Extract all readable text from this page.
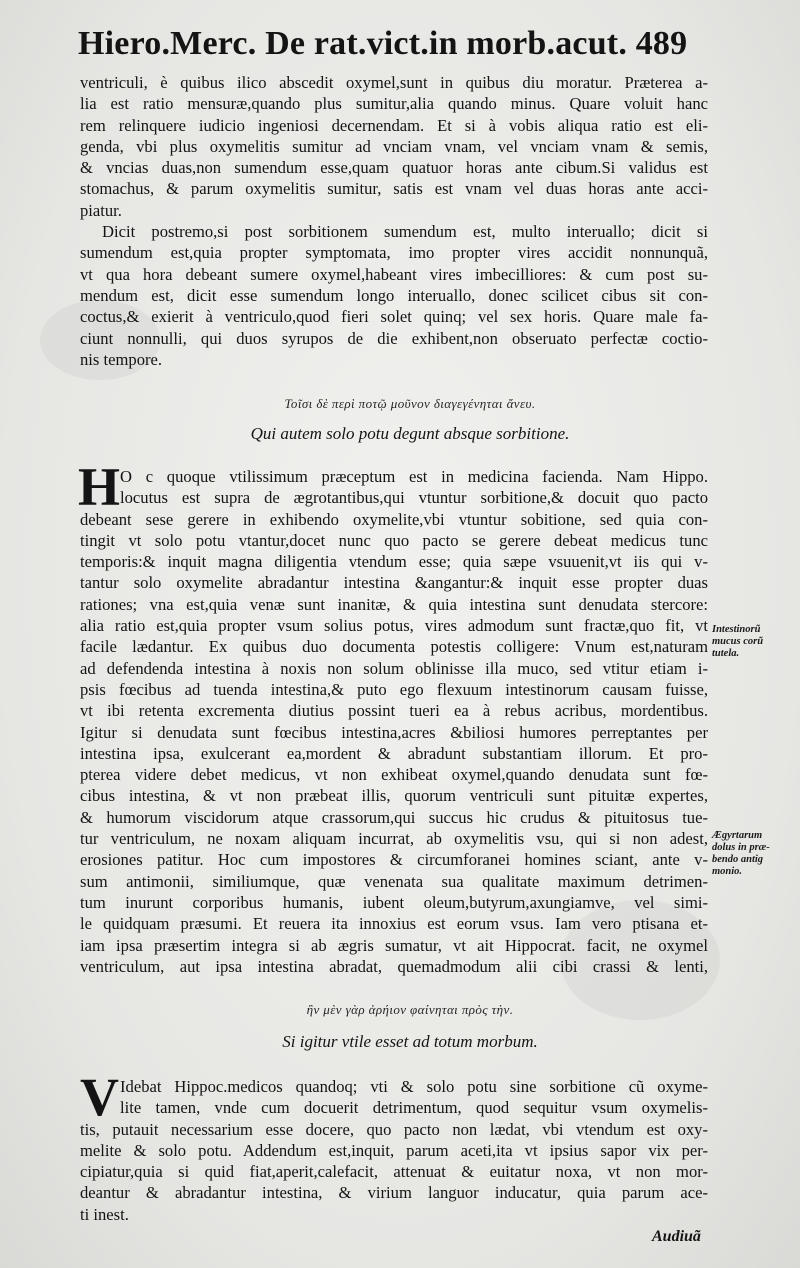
Hiero.Merc. De rat.vict.in morb.acut. 489
ventriculi, è quibus ilico abscedit oxymel,sunt in quibus diu moratur. Præterea a-
lia est ratio mensuræ,quando plus sumitur,alia quando minus. Quare voluit hanc
rem relinquere iudicio ingeniosi decernendam. Et si à vobis aliqua ratio est eli-
genda, vbi plus oxymelitis sumitur ad vnciam vnam, vel vnciam vnam & semis,
& vncias duas,non sumendum esse,quam quatuor horas ante cibum.Si validus est
stomachus, & parum oxymelitis sumitur, satis est vnam vel duas horas ante acci-
piatur.
Dicit postremo,si post sorbitionem sumendum est, multo interuallo; dicit si
sumendum est,quia propter symptomata, imo propter vires accidit nonnunquã,
vt qua hora debeant sumere oxymel,habeant vires imbecilliores: & cum post su-
mendum est, dicit esse sumendum longo interuallo, donec scilicet cibus sit con-
coctus,& exierit à ventriculo,quod fieri solet quinq; vel sex horis. Quare male fa-
ciunt nonnulli, qui duos syrupos de die exhibent,non obseruato perfectæ coctio-
nis tempore.
Τοῖσι δὲ περὶ ποτῷ μοῦνον διαγεγένηται ἄνευ.
Qui autem solo potu degunt absque sorbitione.
H O c quoque vtilissimum præceptum est in medicina facienda. Nam Hippo.
locutus est supra de ægrotantibus,qui vtuntur sorbitione,& docuit quo pacto
debeant sese gerere in exhibendo oxymelite,vbi vtuntur sobitione, sed quia con-
tingit vt solo potu vtantur,docet nunc quo pacto se gerere debeat medicus tunc
temporis:& inquit magna diligentia vtendum esse; quia sæpe vsuuenit,vt iis qui v-
tantur solo oxymelite abradantur intestina &angantur:& inquit esse propter duas
rationes; vna est,quia venæ sunt inanitæ, & quia intestina sunt denudata stercore:
alia ratio est,quia propter vsum solius potus, vires admodum sunt fractæ,quo fit, vt
facile lædantur. Ex quibus duo documenta potestis colligere: Vnum est,naturam
ad defendenda intestina à noxis non solum oblinisse illa muco, sed vtitur etiam i-
psis fœcibus ad tuenda intestina,& puto ego flexuum intestinorum causam fuisse,
vt ibi retenta excrementa diutius possint tueri ea à rebus acribus, mordentibus.
Igitur si denudata sunt fœcibus intestina,acres &biliosi humores perreptantes per
intestina ipsa, exulcerant ea,mordent & abradunt substantiam illorum. Et pro-
pterea videre debet medicus, vt non exhibeat oxymel,quando denudata sunt fœ-
cibus intestina, & vt non præbeat illis, quorum ventriculi sunt pituitæ expertes,
& humorum viscidorum atque crassorum,qui succus hic crudus & pituitosus tue-
tur ventriculum, ne noxam aliquam incurrat, ab oxymelitis vsu, qui si non adest,
erosiones patitur. Hoc cum impostores & circumforanei homines sciant, ante v-
sum antimonii, similiumque, quæ venenata sua qualitate maximum detrimen-
tum inurunt corporibus humanis, iubent oleum,butyrum,axungiamve, vel simi-
le quidquam præsumi. Et reuera ita innoxius est eorum vsus. Iam vero ptisana et-
iam ipsa præsertim integra si ab ægris sumatur, vt ait Hippocrat. facit, ne oxymel
ventriculum, aut ipsa intestina abradat, quemadmodum alii cibi crassi & lenti,
Intestinorũ
mucus corũ
tutela.
Ægyrtarum
dolus in præ-
bendo antig
monio.
ἢν μὲν γὰρ ἀρήιον φαίνηται πρὸς τὴν.
Si igitur vtile esset ad totum morbum.
V Idebat Hippoc.medicos quandoq; vti & solo potu sine sorbitione cũ oxyme-
lite tamen, vnde cum docuerit detrimentum, quod sequitur vsum oxymelis-
tis, putauit necessarium esse docere, quo pacto non lædat, vbi vtendum est oxy-
melite & solo potu. Addendum est,inquit, parum aceti,ita vt ipsius sapor vix per-
cipiatur,quia si quid fiat,aperit,calefacit, attenuat & euitatur noxa, vt non mor-
deantur & abradantur intestina, & virium languor inducatur, quia parum ace-
ti inest.
Audiuã
